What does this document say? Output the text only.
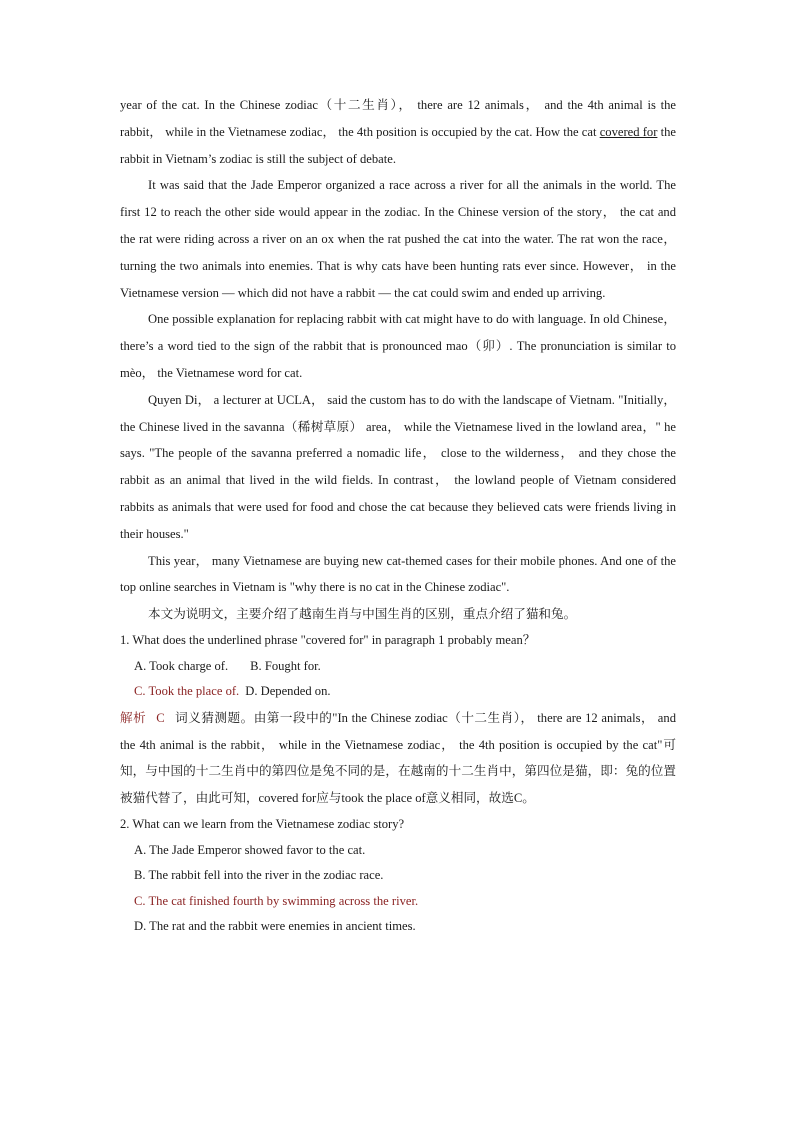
year of the cat. In the Chinese zodiac（十二生肖）， there are 12 animals， and the 4th animal is the rabbit， while in the Vietnamese zodiac， the 4th position is occupied by the cat. How the cat covered for the rabbit in Vietnam’s zodiac is still the subject of debate.

It was said that the Jade Emperor organized a race across a river for all the animals in the world. The first 12 to reach the other side would appear in the zodiac. In the Chinese version of the story， the cat and the rat were riding across a river on an ox when the rat pushed the cat into the water. The rat won the race， turning the two animals into enemies. That is why cats have been hunting rats ever since. However， in the Vietnamese version — which did not have a rabbit — the cat could swim and ended up arriving.

One possible explanation for replacing rabbit with cat might have to do with language. In old Chinese， there’s a word tied to the sign of the rabbit that is pronounced mao（卯）. The pronunciation is similar to mèo， the Vietnamese word for cat.

Quyen Di， a lecturer at UCLA， said the custom has to do with the landscape of Vietnam. "Initially， the Chinese lived in the savanna（稀树草原） area， while the Vietnamese lived in the lowland area，" he says. "The people of the savanna preferred a nomadic life， close to the wilderness， and they chose the rabbit as an animal that lived in the wild fields. In contrast， the lowland people of Vietnam considered rabbits as animals that were used for food and chose the cat because they believed cats were friends living in their houses."

This year， many Vietnamese are buying new cat-themed cases for their mobile phones. And one of the top online searches in Vietnam is "why there is no cat in the Chinese zodiac".

本文为说明文，主要介绍了越南生肖与中国生肖的区别，重点介绍了猫和兔。

1. What does the underlined phrase "covered for" in paragraph 1 probably mean？

A. Took charge of. B. Fought for.

C. Took the place of. D. Depended on.

解析 C 词义猜测题。由第一段中的"In the Chinese zodiac（十二生肖）， there are 12 animals， and the 4th animal is the rabbit， while in the Vietnamese zodiac， the 4th position is occupied by the cat"可知，与中国的十二生肖中的第四位是兔不同的是，在越南的十二生肖中，第四位是猫，即：兔的位置被猫代替了，由此可知，covered for应与took the place of意义相同，故选C。

2. What can we learn from the Vietnamese zodiac story?

A. The Jade Emperor showed favor to the cat.

B. The rabbit fell into the river in the zodiac race.

C. The cat finished fourth by swimming across the river.

D. The rat and the rabbit were enemies in ancient times.
